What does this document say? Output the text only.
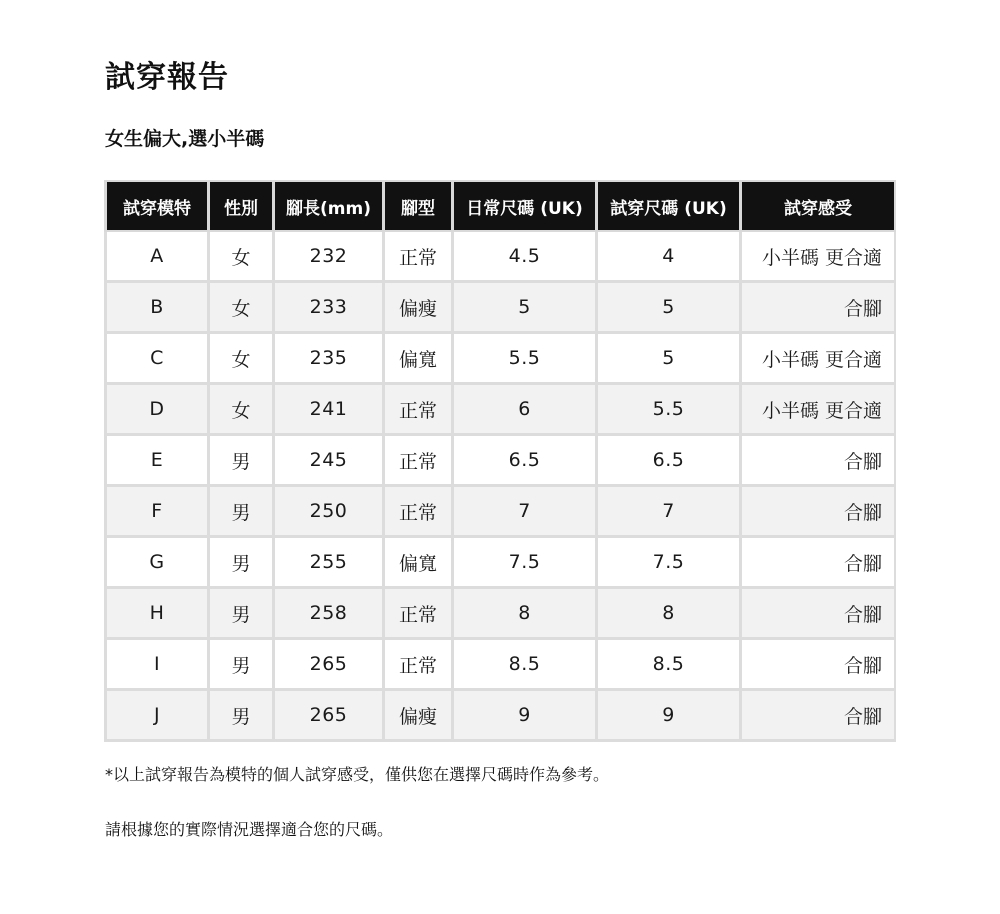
試穿報告
女生偏大,選小半碼
試穿模特	性別	腳長(mm)	腳型	日常尺碼 (UK)	試穿尺碼 (UK)	試穿感受
A	女	232	正常	4.5	4	小半碼 更合適
B	女	233	偏瘦	5	5	合腳
C	女	235	偏寬	5.5	5	小半碼 更合適
D	女	241	正常	6	5.5	小半碼 更合適
E	男	245	正常	6.5	6.5	合腳
F	男	250	正常	7	7	合腳
G	男	255	偏寬	7.5	7.5	合腳
H	男	258	正常	8	8	合腳
I	男	265	正常	8.5	8.5	合腳
J	男	265	偏瘦	9	9	合腳
*以上試穿報告為模特的個人試穿感受，僅供您在選擇尺碼時作為參考。
請根據您的實際情況選擇適合您的尺碼。
